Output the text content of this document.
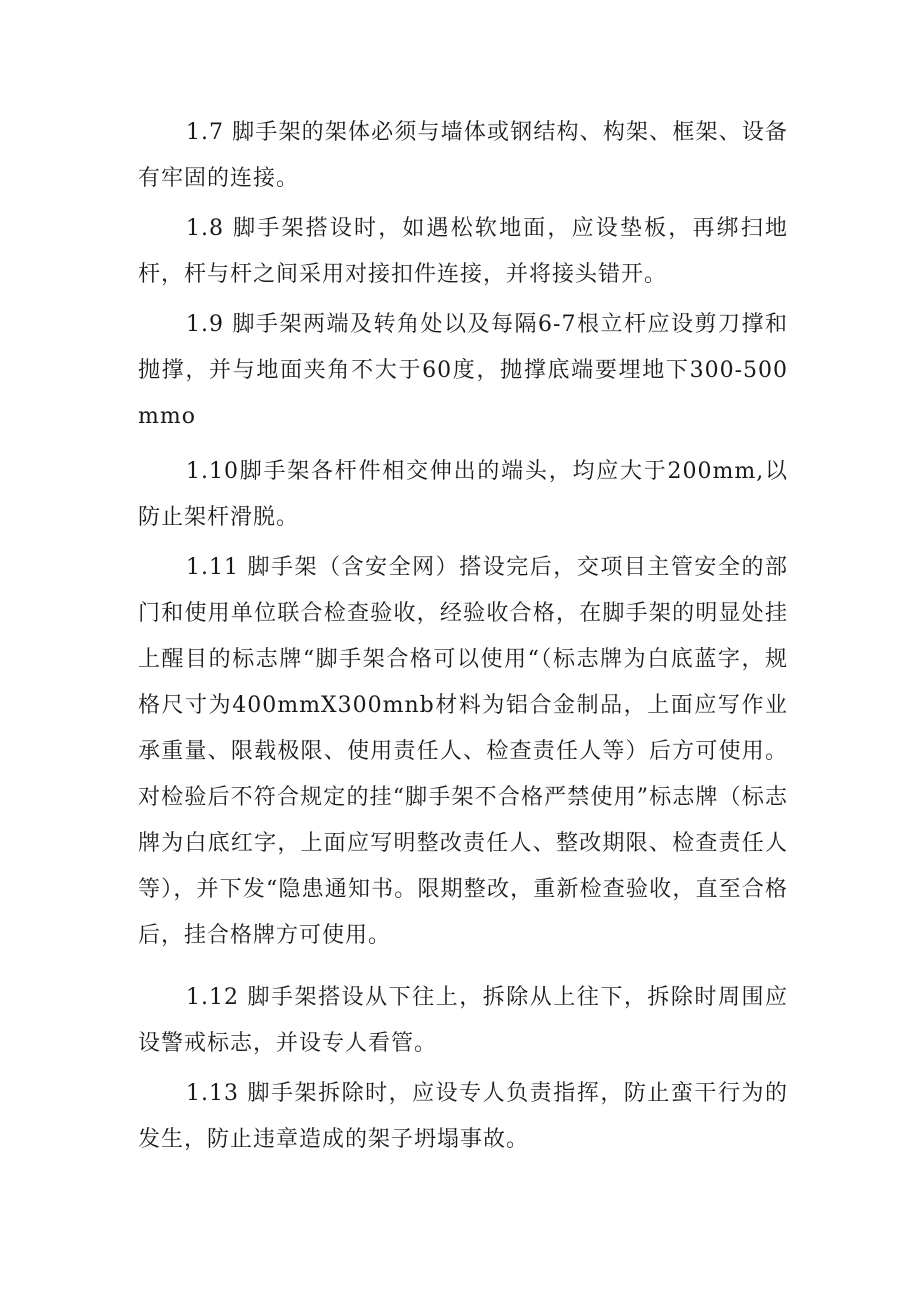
1.7 脚手架的架体必须与墙体或钢结构、构架、框架、设备有牢固的连接。

1.8 脚手架搭设时，如遇松软地面，应设垫板，再绑扫地杆，杆与杆之间采用对接扣件连接，并将接头错开。

1.9 脚手架两端及转角处以及每隔6-7根立杆应设剪刀撑和抛撑，并与地面夹角不大于60度，抛撑底端要埋地下300-500mmo

1.10脚手架各杆件相交伸出的端头，均应大于200mm,以防止架杆滑脱。

1.11 脚手架（含安全网）搭设完后，交项目主管安全的部门和使用单位联合检查验收，经验收合格，在脚手架的明显处挂上醒目的标志牌“脚手架合格可以使用“（标志牌为白底蓝字，规格尺寸为400mmX300mnb材料为铝合金制品，上面应写作业承重量、限载极限、使用责任人、检查责任人等）后方可使用。对检验后不符合规定的挂“脚手架不合格严禁使用”标志牌（标志牌为白底红字，上面应写明整改责任人、整改期限、检查责任人等），并下发“隐患通知书。限期整改，重新检查验收，直至合格后，挂合格牌方可使用。

1.12 脚手架搭设从下往上，拆除从上往下，拆除时周围应设警戒标志，并设专人看管。

1.13 脚手架拆除时，应设专人负责指挥，防止蛮干行为的发生，防止违章造成的架子坍塌事故。
